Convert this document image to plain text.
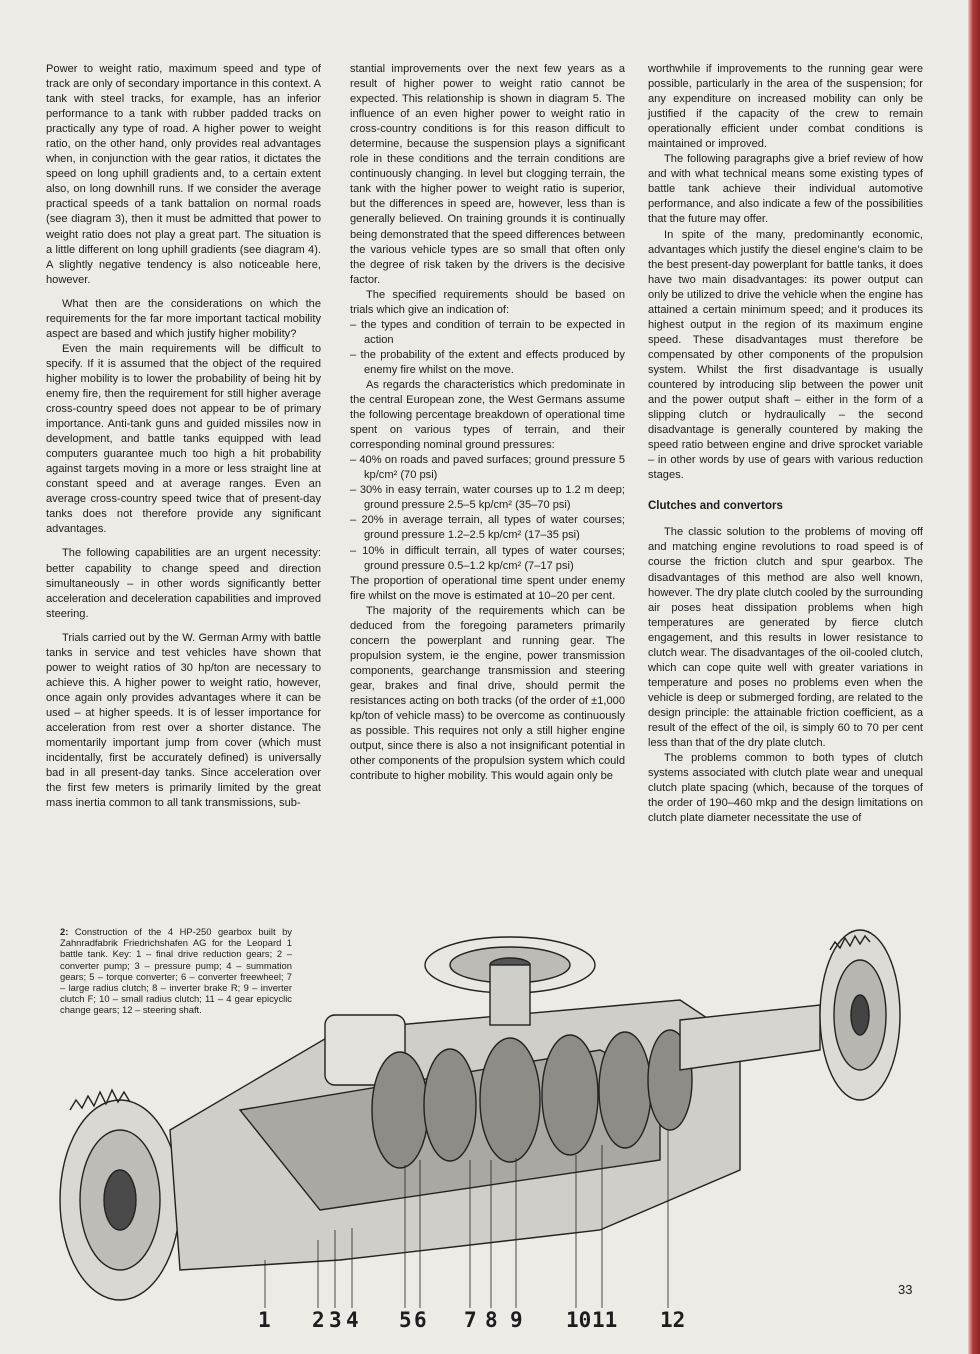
Power to weight ratio, maximum speed and type of track are only of secondary importance in this context. A tank with steel tracks, for example, has an inferior performance to a tank with rubber padded tracks on practically any type of road. A higher power to weight ratio, on the other hand, only provides real advantages when, in conjunction with the gear ratios, it dictates the speed on long uphill gradients and, to a certain extent also, on long downhill runs. If we consider the average practical speeds of a tank battalion on normal roads (see diagram 3), then it must be admitted that power to weight ratio does not play a great part. The situation is a little different on long uphill gradients (see diagram 4). A slightly negative tendency is also noticeable here, however.

What then are the considerations on which the requirements for the far more important tactical mobility aspect are based and which justify higher mobility?

Even the main requirements will be difficult to specify. If it is assumed that the object of the required higher mobility is to lower the probability of being hit by enemy fire, then the requirement for still higher average cross-country speed does not appear to be of primary importance. Anti-tank guns and guided missiles now in development, and battle tanks equipped with lead computers guarantee much too high a hit probability against targets moving in a more or less straight line at constant speed and at average ranges. Even an average cross-country speed twice that of present-day tanks does not therefore provide any significant advantages.

The following capabilities are an urgent necessity: better capability to change speed and direction simultaneously – in other words significantly better acceleration and deceleration capabilities and improved steering.

Trials carried out by the W. German Army with battle tanks in service and test vehicles have shown that power to weight ratios of 30 hp/ton are necessary to achieve this. A higher power to weight ratio, however, once again only provides advantages where it can be used – at higher speeds. It is of lesser importance for acceleration from rest over a shorter distance. The momentarily important jump from cover (which must incidentally, first be accurately defined) is universally bad in all present-day tanks. Since acceleration over the first few meters is primarily limited by the great mass inertia common to all tank transmissions, sub-

stantial improvements over the next few years as a result of higher power to weight ratio cannot be expected. This relationship is shown in diagram 5. The influence of an even higher power to weight ratio in cross-country conditions is for this reason difficult to determine, because the suspension plays a significant role in these conditions and the terrain conditions are continuously changing. In level but clogging terrain, the tank with the higher power to weight ratio is superior, but the differences in speed are, however, less than is generally believed. On training grounds it is continually being demonstrated that the speed differences between the various vehicle types are so small that often only the degree of risk taken by the drivers is the decisive factor.

The specified requirements should be based on trials which give an indication of:

– the types and condition of terrain to be expected in action
– the probability of the extent and effects produced by enemy fire whilst on the move.

As regards the characteristics which predominate in the central European zone, the West Germans assume the following percentage breakdown of operational time spent on various types of terrain, and their corresponding nominal ground pressures:

– 40% on roads and paved surfaces; ground pressure 5 kp/cm² (70 psi)
– 30% in easy terrain, water courses up to 1.2 m deep; ground pressure 2.5–5 kp/cm² (35–70 psi)
– 20% in average terrain, all types of water courses; ground pressure 1.2–2.5 kp/cm² (17–35 psi)
– 10% in difficult terrain, all types of water courses; ground pressure 0.5–1.2 kp/cm² (7–17 psi)

The proportion of operational time spent under enemy fire whilst on the move is estimated at 10–20 per cent.

The majority of the requirements which can be deduced from the foregoing parameters primarily concern the powerplant and running gear. The propulsion system, ie the engine, power transmission components, gearchange transmission and steering gear, brakes and final drive, should permit the resistances acting on both tracks (of the order of ±1,000 kp/ton of vehicle mass) to be overcome as continuously as possible. This requires not only a still higher engine output, since there is also a not insignificant potential in other components of the propulsion system which could contribute to higher mobility. This would again only be

worthwhile if improvements to the running gear were possible, particularly in the area of the suspension; for any expenditure on increased mobility can only be justified if the capacity of the crew to remain operationally efficient under combat conditions is maintained or improved.

The following paragraphs give a brief review of how and with what technical means some existing types of battle tank achieve their individual automotive performance, and also indicate a few of the possibilities that the future may offer.

In spite of the many, predominantly economic, advantages which justify the diesel engine's claim to be the best present-day powerplant for battle tanks, it does have two main disadvantages: its power output can only be utilized to drive the vehicle when the engine has attained a certain minimum speed; and it produces its highest output in the region of its maximum engine speed. These disadvantages must therefore be compensated by other components of the propulsion system. Whilst the first disadvantage is usually countered by introducing slip between the power unit and the power output shaft – either in the form of a slipping clutch or hydraulically – the second disadvantage is generally countered by making the speed ratio between engine and drive sprocket variable – in other words by use of gears with various reduction stages.

Clutches and convertors

The classic solution to the problems of moving off and matching engine revolutions to road speed is of course the friction clutch and spur gearbox. The disadvantages of this method are also well known, however. The dry plate clutch cooled by the surrounding air poses heat dissipation problems when high temperatures are generated by fierce clutch engagement, and this results in lower resistance to clutch wear. The disadvantages of the oil-cooled clutch, which can cope quite well with greater variations in temperature and poses no problems even when the vehicle is deep or submerged fording, are related to the design principle: the attainable friction coefficient, as a result of the effect of the oil, is simply 60 to 70 per cent less than that of the dry plate clutch.

The problems common to both types of clutch systems associated with clutch plate wear and unequal clutch plate spacing (which, because of the torques of the order of 190–460 mkp and the design limitations on clutch plate diameter necessitate the use of

2: Construction of the 4 HP-250 gearbox built by Zahnradfabrik Friedrichshafen AG for the Leopard 1 battle tank. Key: 1 – final drive reduction gears; 2 – converter pump; 3 – pressure pump; 4 – summation gears; 5 – torque converter; 6 – converter freewheel; 7 – large radius clutch; 8 – inverter brake R; 9 – inverter clutch F; 10 – small radius clutch; 11 – 4 gear epicyclic change gears; 12 – steering shaft.
1 2 3 4 5 6 7 8 9 10 11 12
33
